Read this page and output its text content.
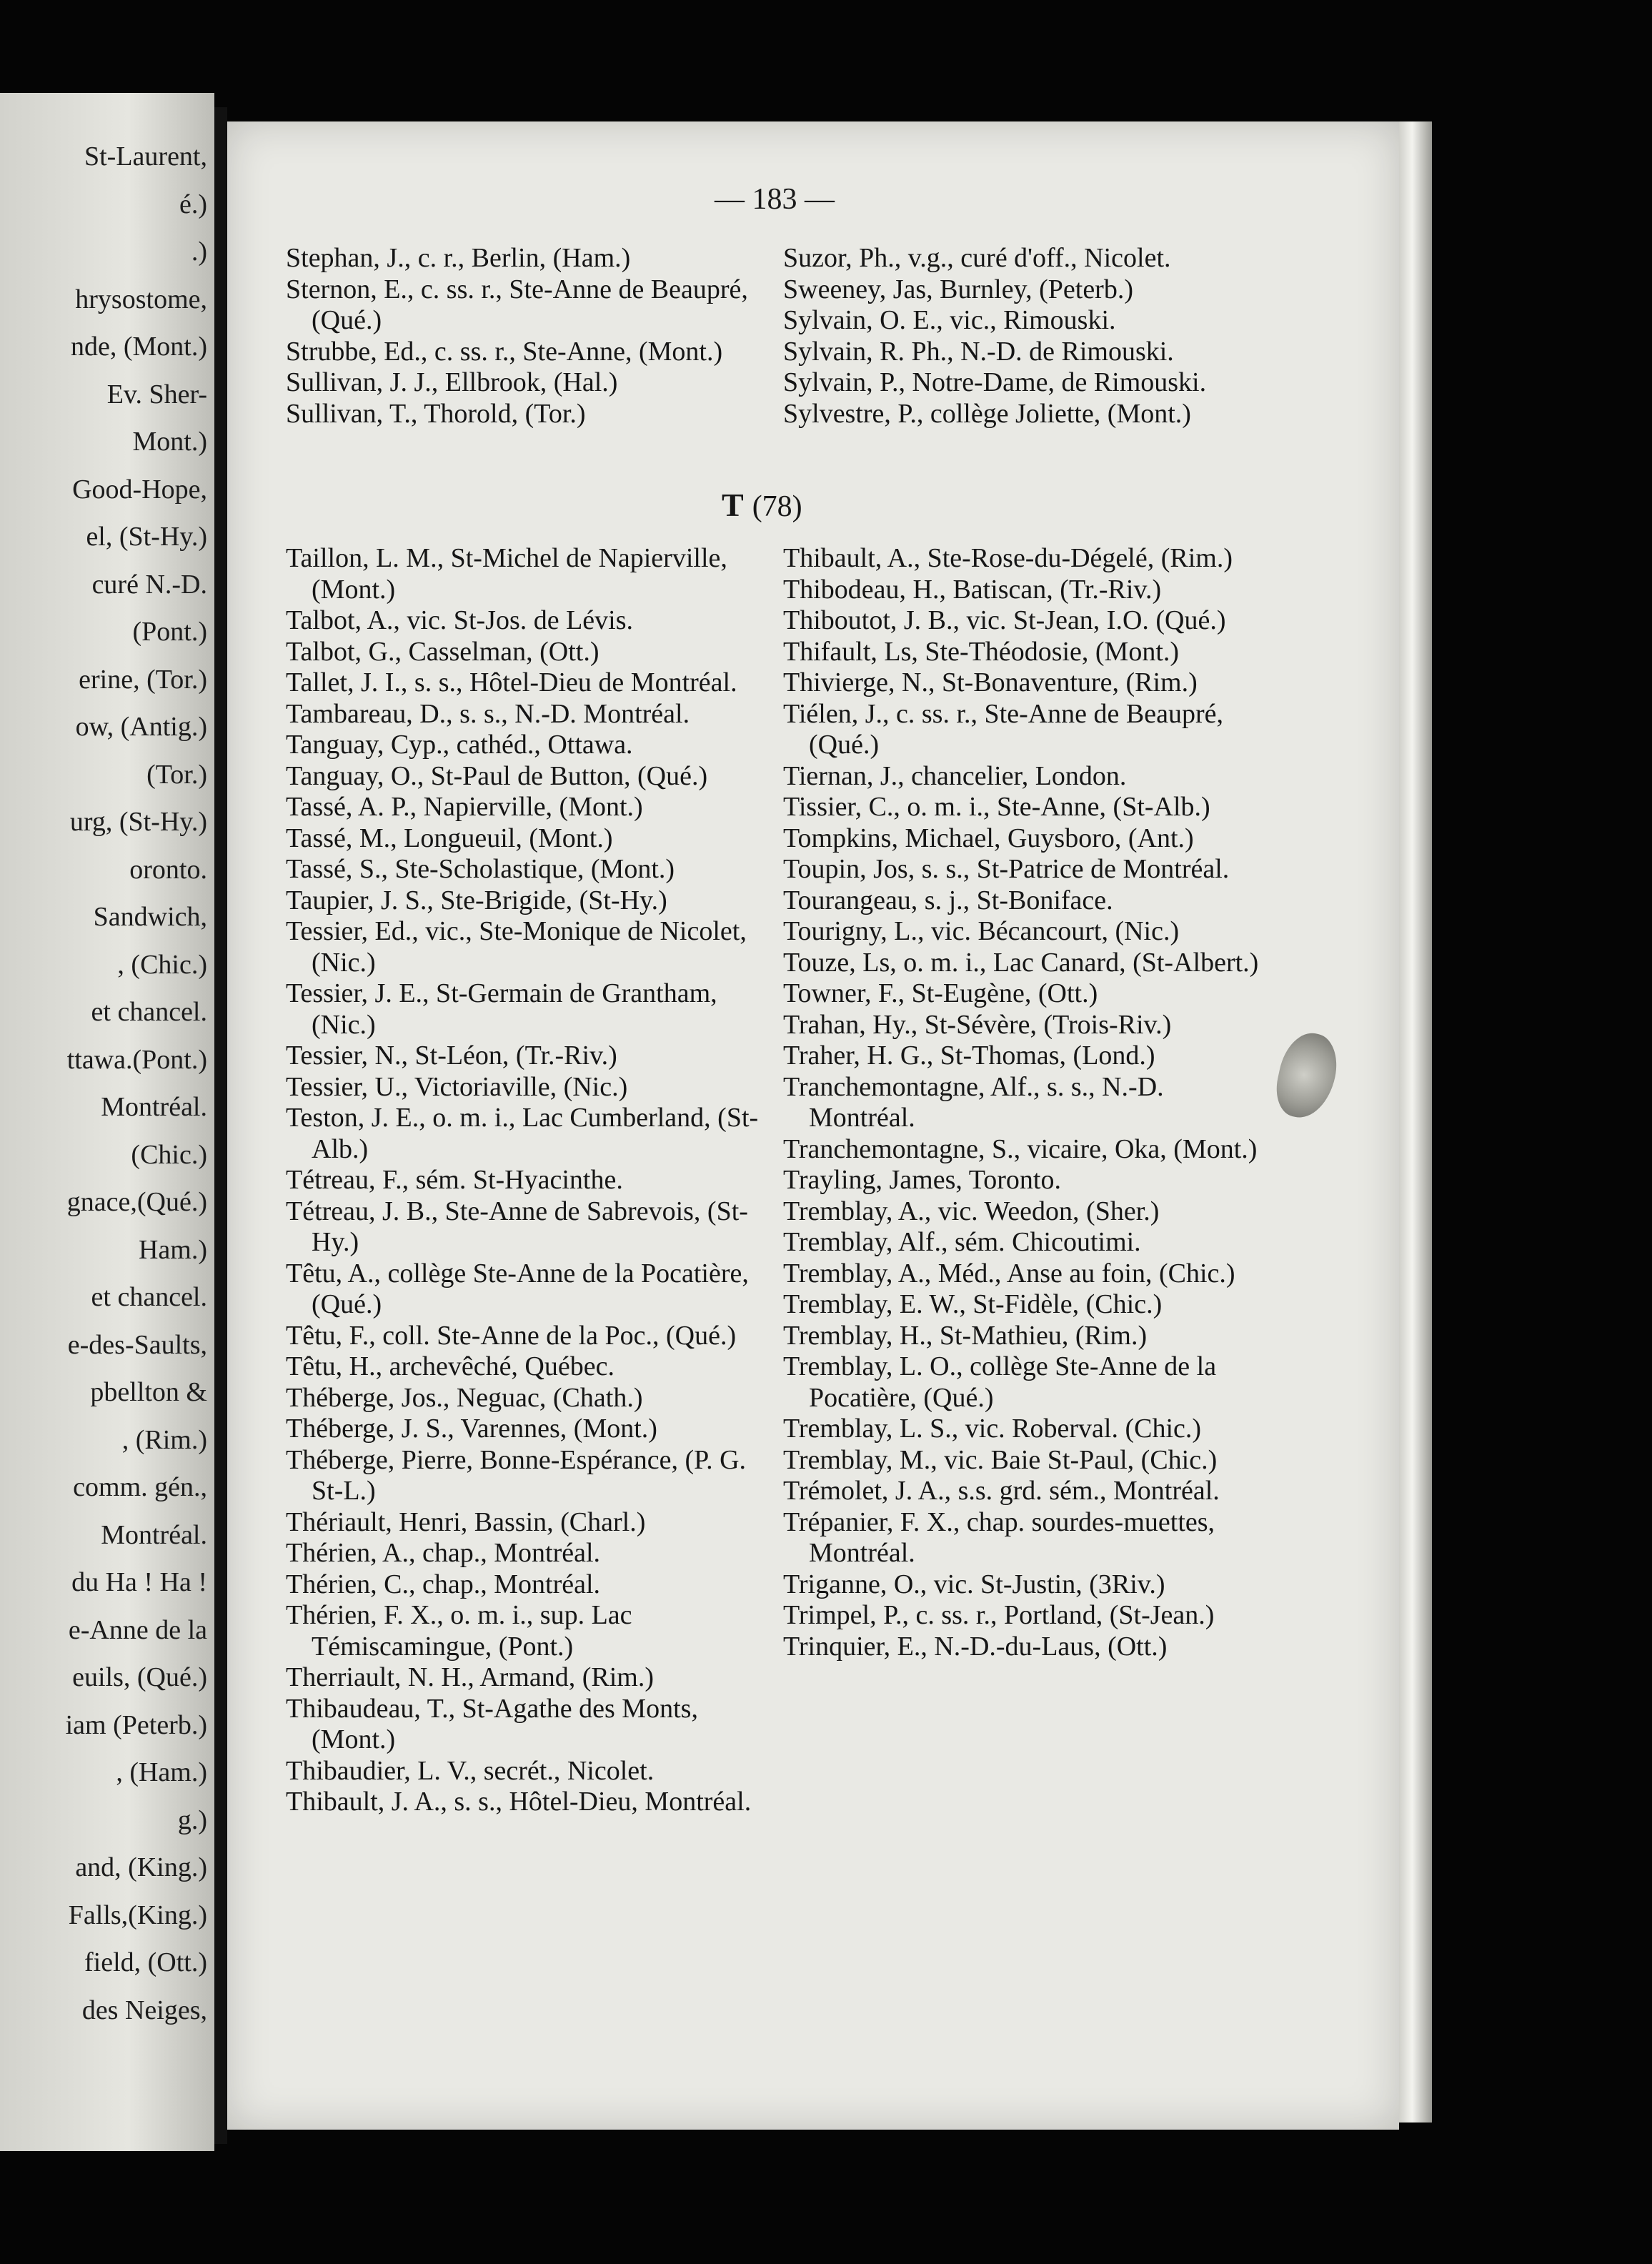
St-Laurent,
é.)
.)
hrysostome,
nde, (Mont.)
Ev. Sher-
Mont.)
Good-Hope,
el, (St-Hy.)
curé N.-D.
(Pont.)
erine, (Tor.)
ow, (Antig.)
(Tor.)
urg, (St-Hy.)
oronto.
Sandwich,
, (Chic.)
et chancel.
ttawa.(Pont.)
Montréal.
(Chic.)
gnace,(Qué.)
Ham.)
et chancel.
e-des-Saults,
pbellton &
, (Rim.)
comm. gén.,
Montréal.
du Ha ! Ha !
e-Anne de la
euils, (Qué.)
iam (Peterb.)
, (Ham.)
g.)
and, (King.)
Falls,(King.)
field, (Ott.)
des Neiges,
— 183 —

Stephan, J., c. r., Berlin, (Ham.)

Sternon, E., c. ss. r., Ste-Anne de Beaupré, (Qué.)

Strubbe, Ed., c. ss. r., Ste-Anne, (Mont.)

Sullivan, J. J., Ellbrook, (Hal.)

Sullivan, T., Thorold, (Tor.)

Suzor, Ph., v.g., curé d'off., Nicolet.

Sweeney, Jas, Burnley, (Peterb.)

Sylvain, O. E., vic., Rimouski.

Sylvain, R. Ph., N.-D. de Rimouski.

Sylvain, P., Notre-Dame, de Rimouski.

Sylvestre, P., collège Joliette, (Mont.)

T (78)

Taillon, L. M., St-Michel de Napierville, (Mont.)

Talbot, A., vic. St-Jos. de Lévis.

Talbot, G., Casselman, (Ott.)

Tallet, J. I., s. s., Hôtel-Dieu de Montréal.

Tambareau, D., s. s., N.-D. Montréal.

Tanguay, Cyp., cathéd., Ottawa.

Tanguay, O., St-Paul de Button, (Qué.)

Tassé, A. P., Napierville, (Mont.)

Tassé, M., Longueuil, (Mont.)

Tassé, S., Ste-Scholastique, (Mont.)

Taupier, J. S., Ste-Brigide, (St-Hy.)

Tessier, Ed., vic., Ste-Monique de Nicolet, (Nic.)

Tessier, J. E., St-Germain de Grantham, (Nic.)

Tessier, N., St-Léon, (Tr.-Riv.)

Tessier, U., Victoriaville, (Nic.)

Teston, J. E., o. m. i., Lac Cumberland, (St-Alb.)

Tétreau, F., sém. St-Hyacinthe.

Tétreau, J. B., Ste-Anne de Sabrevois, (St-Hy.)

Têtu, A., collège Ste-Anne de la Pocatière, (Qué.)

Têtu, F., coll. Ste-Anne de la Poc., (Qué.)

Têtu, H., archevêché, Québec.

Théberge, Jos., Neguac, (Chath.)

Théberge, J. S., Varennes, (Mont.)

Théberge, Pierre, Bonne-Espérance, (P. G. St-L.)

Thériault, Henri, Bassin, (Charl.)

Thérien, A., chap., Montréal.

Thérien, C., chap., Montréal.

Thérien, F. X., o. m. i., sup. Lac Témiscamingue, (Pont.)

Therriault, N. H., Armand, (Rim.)

Thibaudeau, T., St-Agathe des Monts, (Mont.)

Thibaudier, L. V., secrét., Nicolet.

Thibault, J. A., s. s., Hôtel-Dieu, Montréal.

Thibault, A., Ste-Rose-du-Dégelé, (Rim.)

Thibodeau, H., Batiscan, (Tr.-Riv.)

Thiboutot, J. B., vic. St-Jean, I.O. (Qué.)

Thifault, Ls, Ste-Théodosie, (Mont.)

Thivierge, N., St-Bonaventure, (Rim.)

Tiélen, J., c. ss. r., Ste-Anne de Beaupré, (Qué.)

Tiernan, J., chancelier, London.

Tissier, C., o. m. i., Ste-Anne, (St-Alb.)

Tompkins, Michael, Guysboro, (Ant.)

Toupin, Jos, s. s., St-Patrice de Montréal.

Tourangeau, s. j., St-Boniface.

Tourigny, L., vic. Bécancourt, (Nic.)

Touze, Ls, o. m. i., Lac Canard, (St-Albert.)

Towner, F., St-Eugène, (Ott.)

Trahan, Hy., St-Sévère, (Trois-Riv.)

Traher, H. G., St-Thomas, (Lond.)

Tranchemontagne, Alf., s. s., N.-D. Montréal.

Tranchemontagne, S., vicaire, Oka, (Mont.)

Trayling, James, Toronto.

Tremblay, A., vic. Weedon, (Sher.)

Tremblay, Alf., sém. Chicoutimi.

Tremblay, A., Méd., Anse au foin, (Chic.)

Tremblay, E. W., St-Fidèle, (Chic.)

Tremblay, H., St-Mathieu, (Rim.)

Tremblay, L. O., collège Ste-Anne de la Pocatière, (Qué.)

Tremblay, L. S., vic. Roberval. (Chic.)

Tremblay, M., vic. Baie St-Paul, (Chic.)

Trémolet, J. A., s.s. grd. sém., Montréal.

Trépanier, F. X., chap. sourdes-muettes, Montréal.

Triganne, O., vic. St-Justin, (3Riv.)

Trimpel, P., c. ss. r., Portland, (St-Jean.)

Trinquier, E., N.-D.-du-Laus, (Ott.)
